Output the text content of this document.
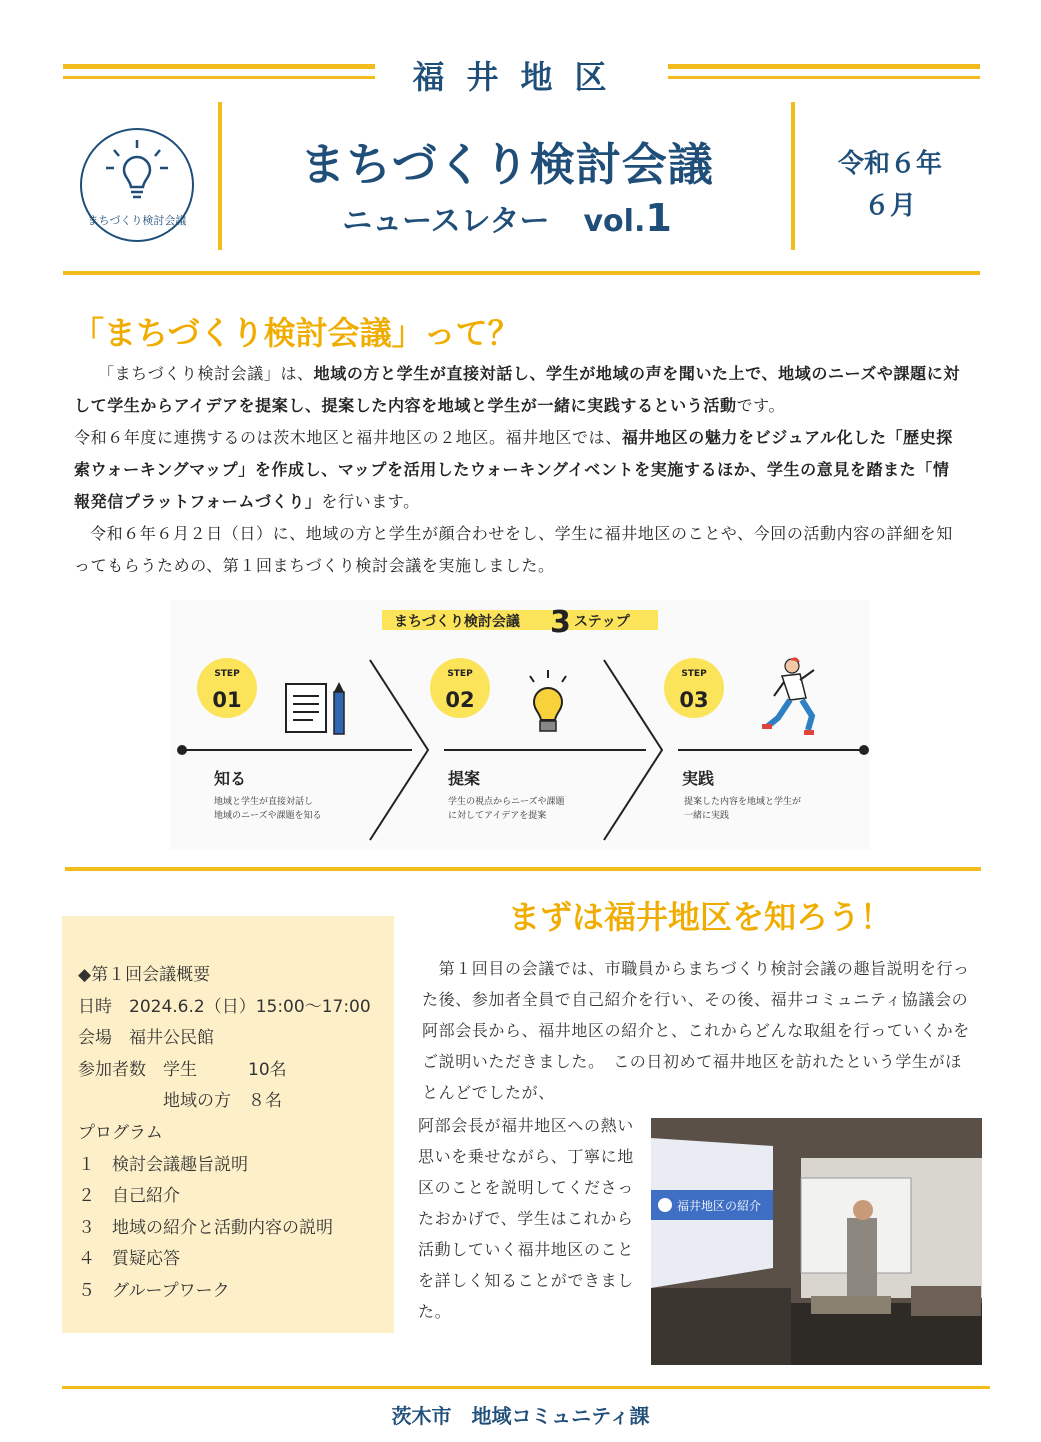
福井地区
まちづくり検討会議
まちづくり検討会議
ニュースレター vol.1
令和６年
６月
「まちづくり検討会議」って？
「まちづくり検討会議」は、地域の方と学生が直接対話し、学生が地域の声を聞いた上で、地域のニーズや課題に対して学生からアイデアを提案し、提案した内容を地域と学生が一緒に実践するという活動です。
令和６年度に連携するのは茨木地区と福井地区の２地区。福井地区では、福井地区の魅力をビジュアル化した「歴史探索ウォーキングマップ」を作成し、マップを活用したウォーキングイベントを実施するほか、学生の意見を踏また「情報発信プラットフォームづくり」を行います。
令和６年６月２日（日）に、地域の方と学生が顔合わせをし、学生に福井地区のことや、今回の活動内容の詳細を知ってもらうための、第１回まちづくり検討会議を実施しました。
まちづくり検討会議 3 ステップ
STEP
01
知る
地域と学生が直接対話し
地域のニーズや課題を知る
STEP
02
提案
学生の視点からニーズや課題
に対してアイデアを提案
STEP
03
実践
提案した内容を地域と学生が
一緒に実践
まずは福井地区を知ろう！
◆第１回会議概要
日時　2024.6.2（日）15:00～17:00
会場　福井公民館
参加者数　学生　　　10名
　　　　　地域の方　８名
プログラム
１　検討会議趣旨説明
２　自己紹介
３　地域の紹介と活動内容の説明
４　質疑応答
５　グループワーク
　第１回目の会議では、市職員からまちづくり検討会議の趣旨説明を行った後、参加者全員で自己紹介を行い、その後、福井コミュニティ協議会の阿部会長から、福井地区の紹介と、これからどんな取組を行っていくかをご説明いただきました。　この日初めて福井地区を訪れたという学生がほとんどでしたが、
阿部会長が福井地区への熱い思いを乗せながら、丁寧に地区のことを説明してくださったおかげで、学生はこれから活動していく福井地区のことを詳しく知ることができました。
福井地区の紹介
茨木市　地域コミュニティ課
